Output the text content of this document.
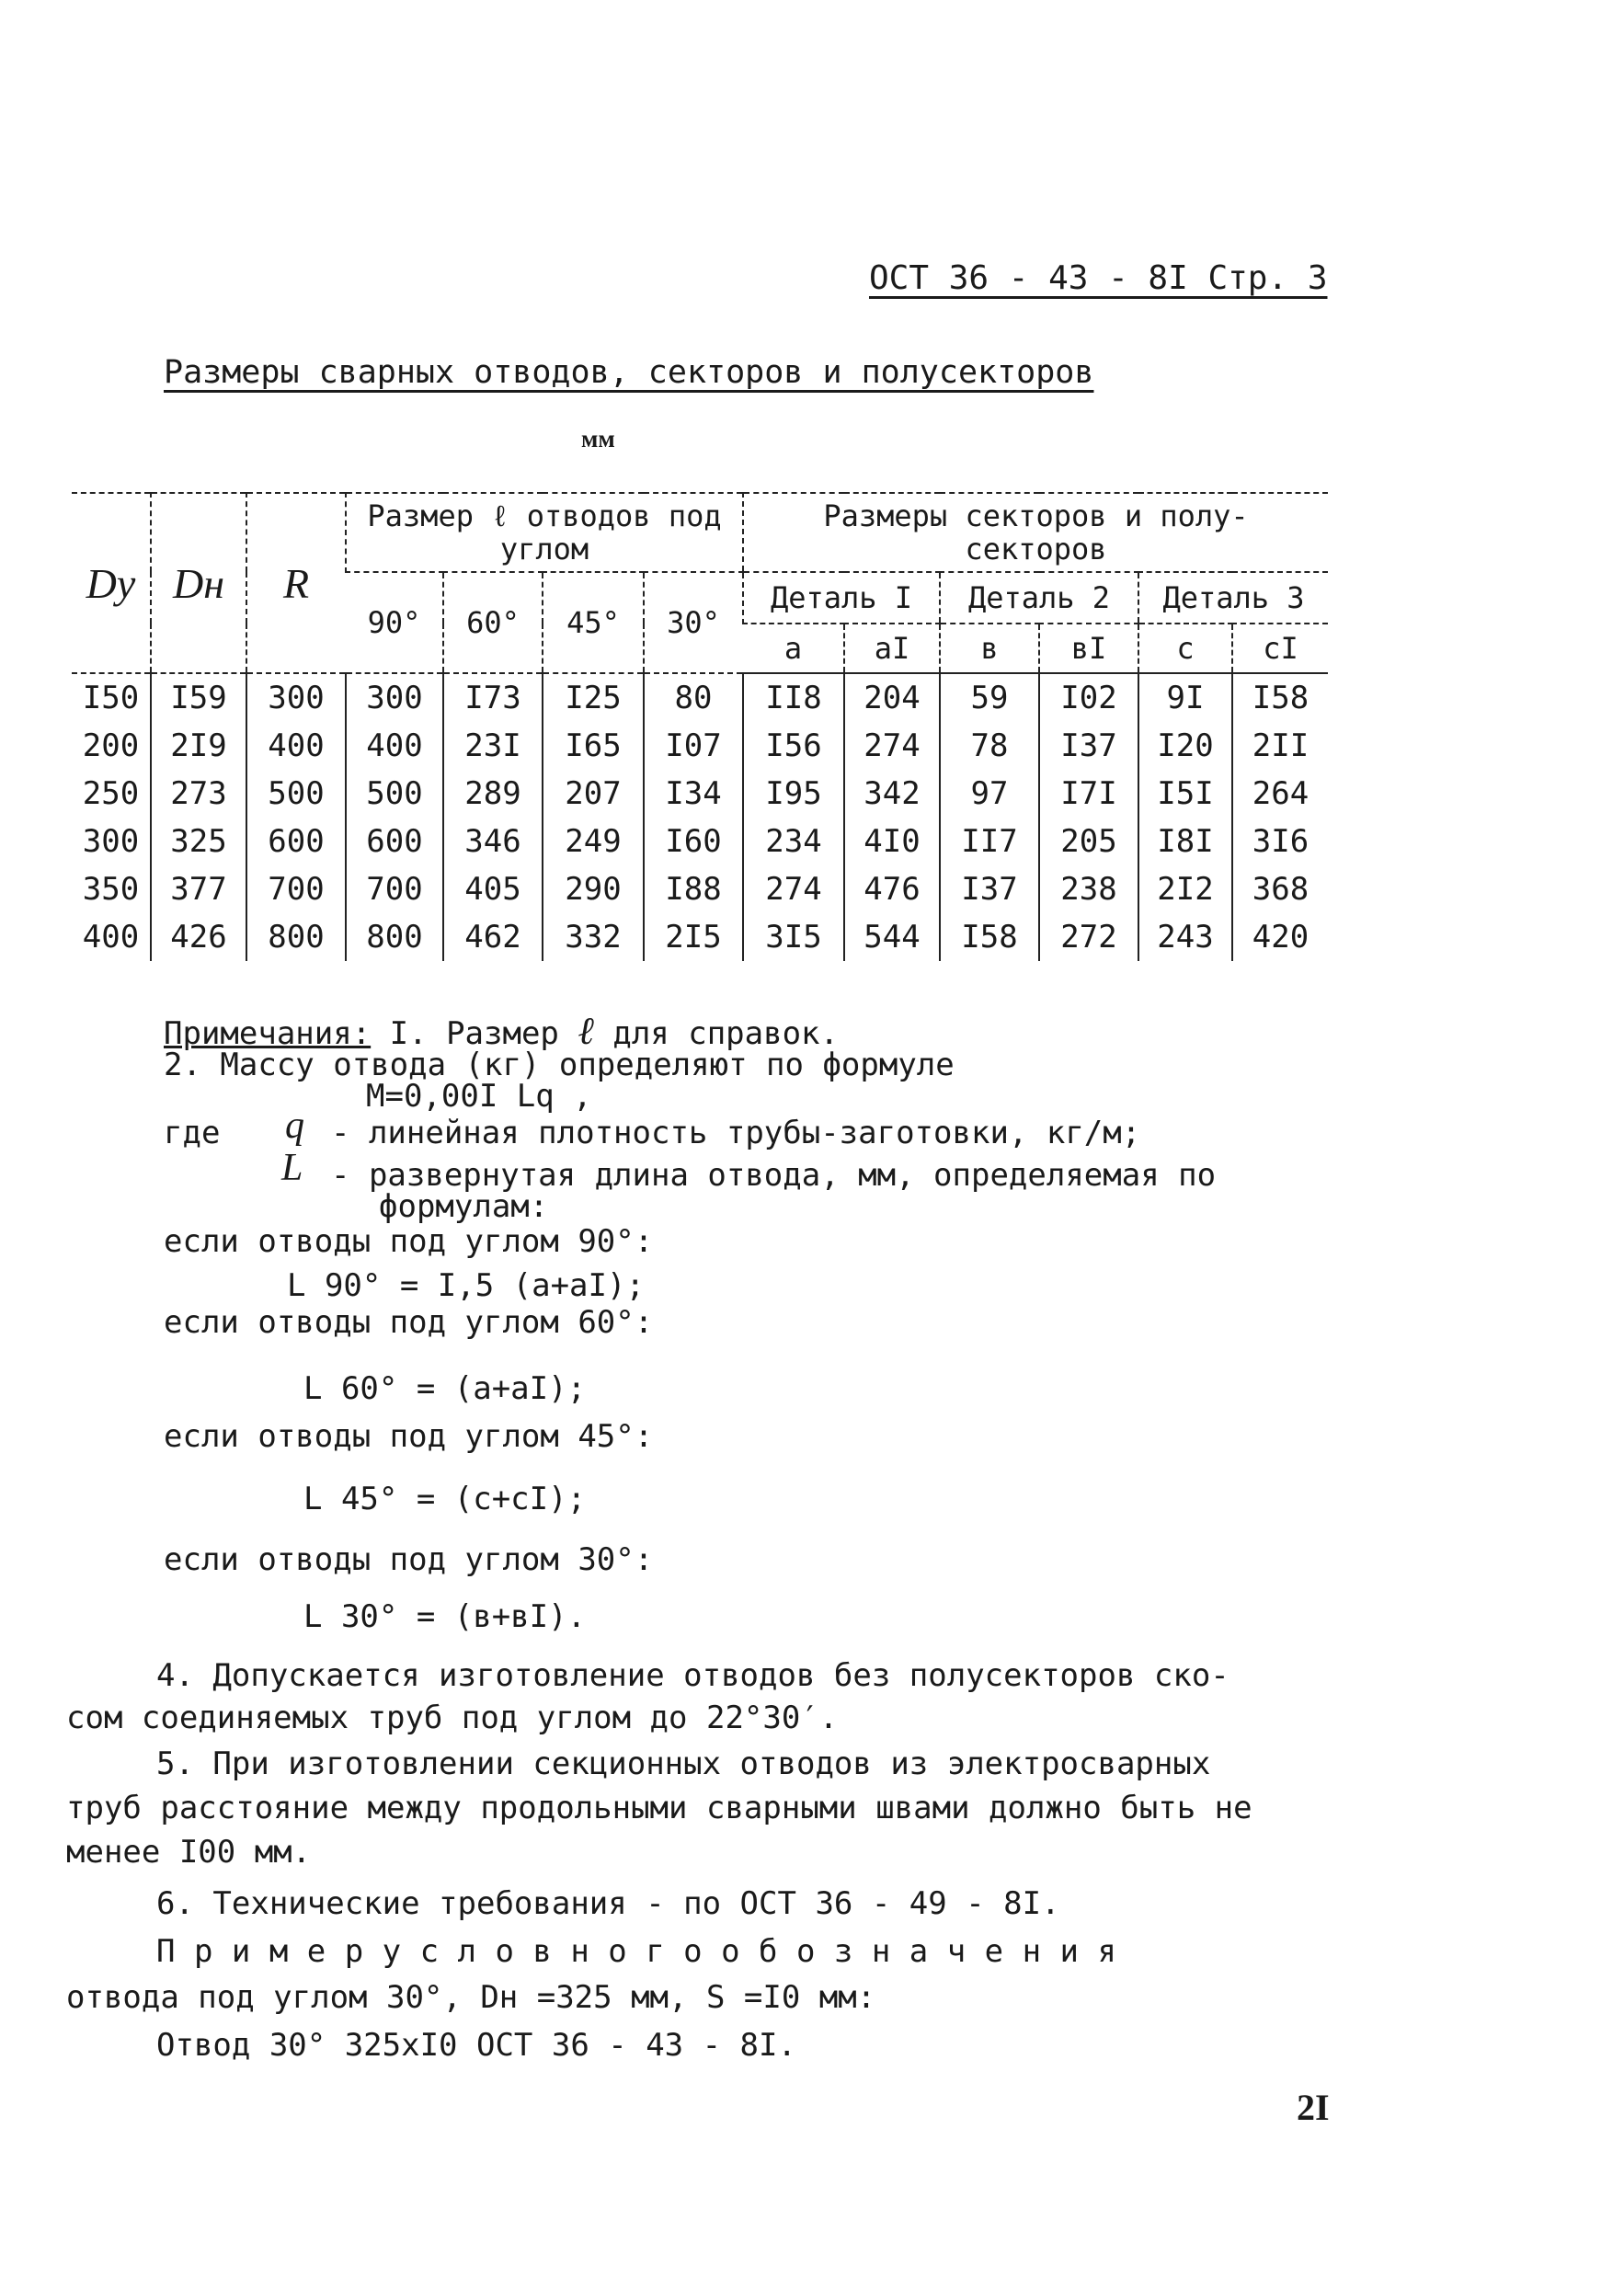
ОСТ 36 - 43 - 8I Стр. 3
Размеры сварных отводов, секторов и полусекторов
мм
Dy	Dн	R	Размер ℓ отводов под углом				Размеры секторов и полу-секторов					
			90°	60°	45°	30°	Деталь I		Деталь 2		Деталь 3	
							а	аI	в	вI	с	сI
I50	I59	300	300	I73	I25	80	II8	204	59	I02	9I	I58
200	2I9	400	400	23I	I65	I07	I56	274	78	I37	I20	2II
250	273	500	500	289	207	I34	I95	342	97	I7I	I5I	264
300	325	600	600	346	249	I60	234	4I0	II7	205	I8I	3I6
350	377	700	700	405	290	I88	274	476	I37	238	2I2	368
400	426	800	800	462	332	2I5	3I5	544	I58	272	243	420
Примечания: I. Размер ℓ для справок.
2. Массу отвода (кг) определяют по формуле
M=0,00I Lq ,
где q - линейная плотность трубы-заготовки, кг/м;
L - развернутая длина отвода, мм, определяемая по
формулам:
если отводы под углом 90°:
L 90° = I,5 (а+аI);
если отводы под углом 60°:
L 60° = (а+аI);
если отводы под углом 45°:
L 45° = (с+сI);
если отводы под углом 30°:
L 30° = (в+вI).
4. Допускается изготовление отводов без полусекторов ско-
сом соединяемых труб под углом до 22°30′.
5. При изготовлении секционных отводов из электросварных
труб расстояние между продольными сварными швами должно быть не
менее I00 мм.
6. Технические требования - по ОСТ 36 - 49 - 8I.
П р и м е р у с л о в н о г о о б о з н а ч е н и я
отвода под углом 30°, Dн =325 мм, S =I0 мм:
Отвод 30° 325хI0 ОСТ 36 - 43 - 8I.
2I
